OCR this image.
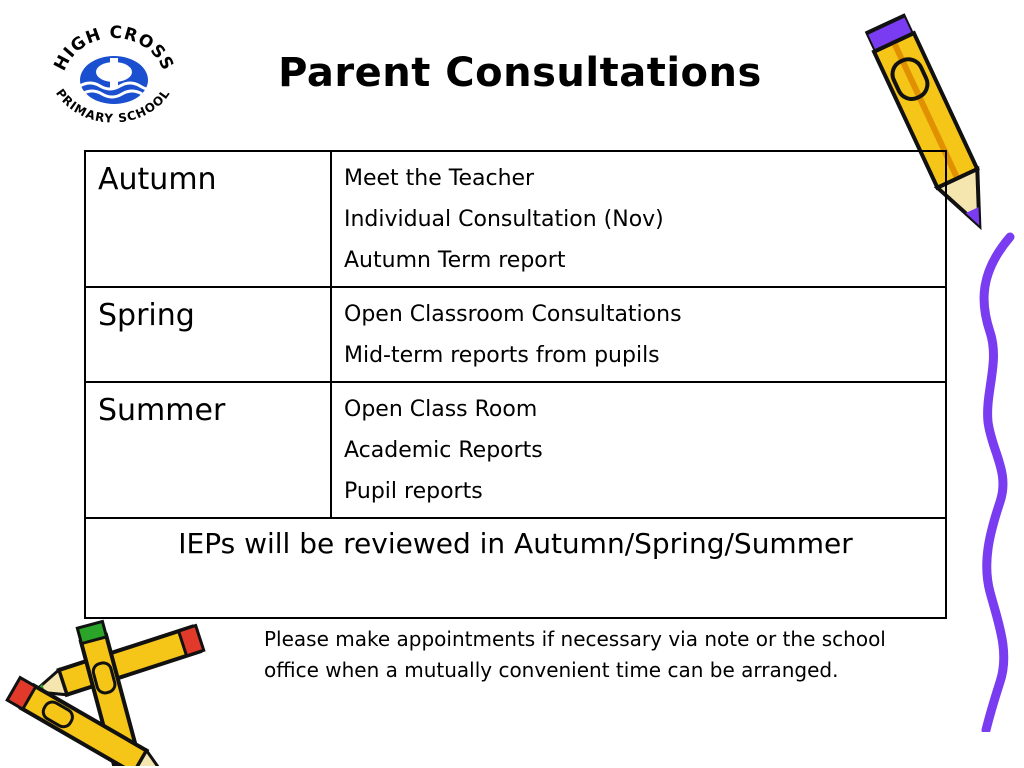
HIGH CROSS
PRIMARY SCHOOL	Parent Consultations
Autumn	Meet the Teacher
Individual Consultation (Nov)
Autumn Term report

Spring	Open Classroom Consultations
Mid-term reports from pupils

Summer	Open Class Room
Academic Reports
Pupil reports

IEPs will be reviewed in Autumn/Spring/Summer	

Please make appointments if necessary via note or the school office when a mutually convenient time can be arranged.
